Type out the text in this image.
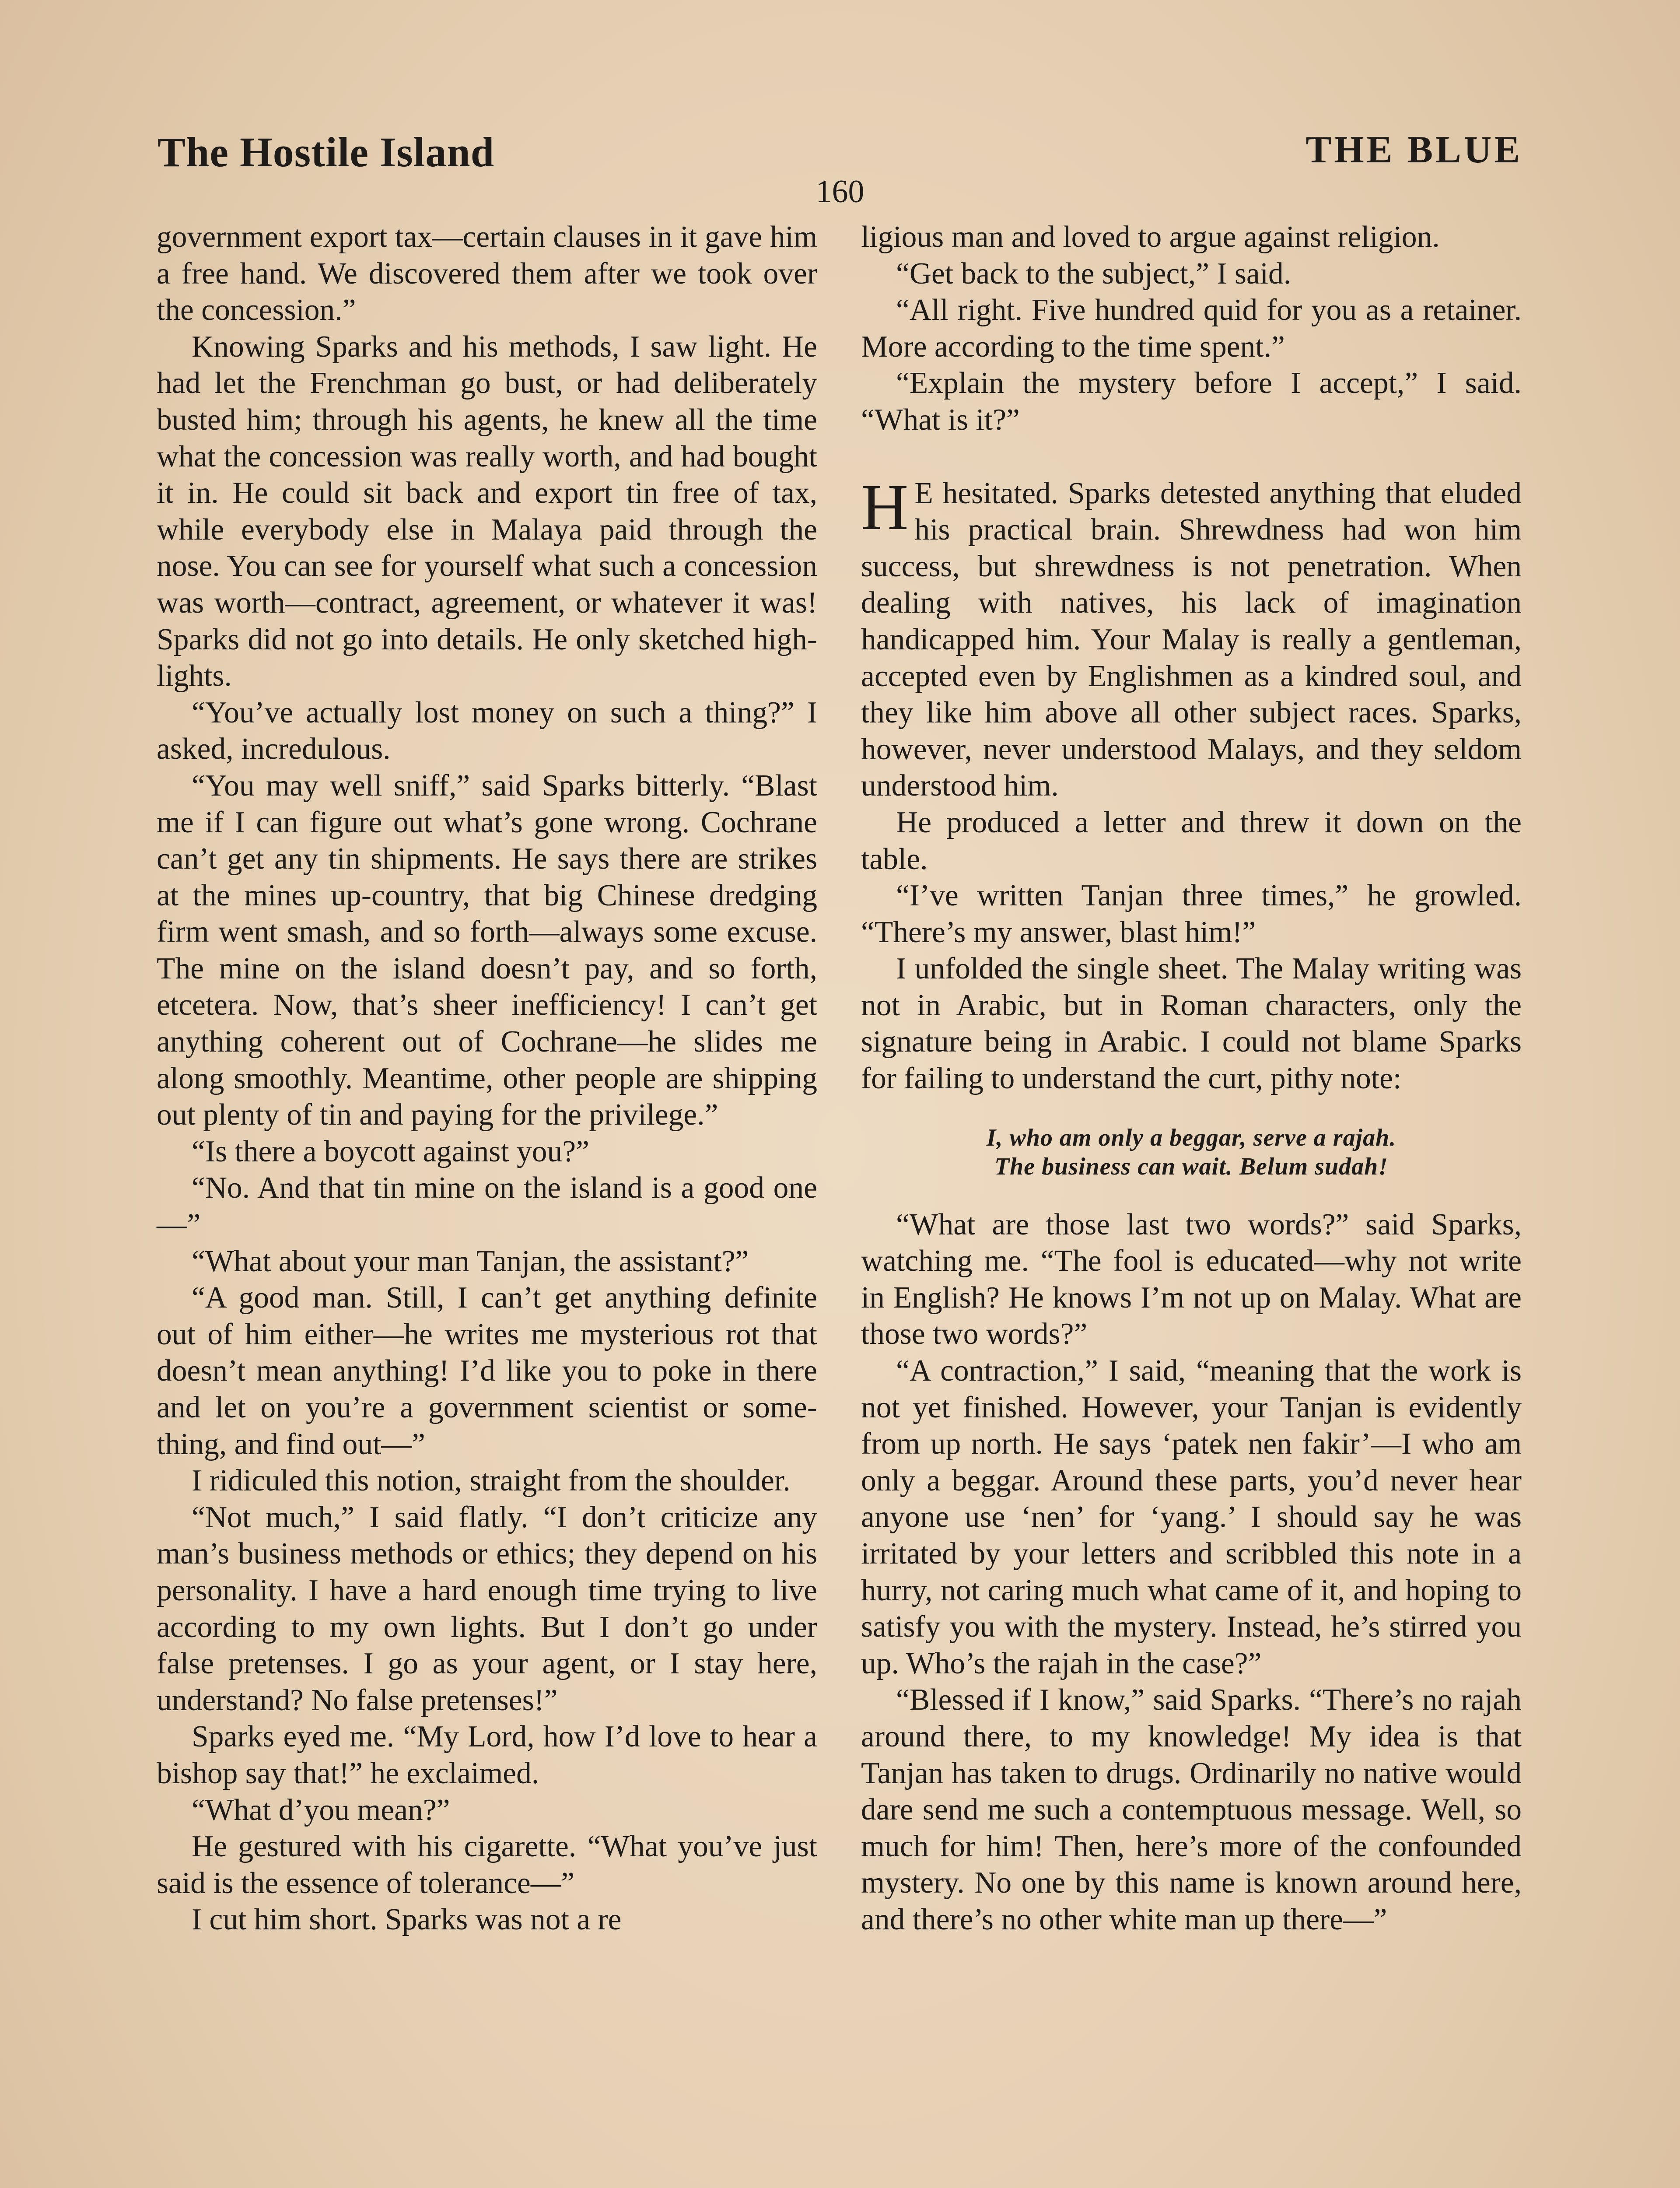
The Hostile Island	THE BLUE
160

government export tax—certain clauses in it gave him a free hand. We discovered them after we took over the concession.”

Knowing Sparks and his methods, I saw light. He had let the Frenchman go bust, or had deliberately busted him; through his agents, he knew all the time what the concession was really worth, and had bought it in. He could sit back and export tin free of tax, while everybody else in Malaya paid through the nose. You can see for yourself what such a concession was worth—contract, agreement, or whatever it was! Sparks did not go into details. He only sketched high-lights.

“You’ve actually lost money on such a thing?” I asked, incredulous.

“You may well sniff,” said Sparks bitterly. “Blast me if I can figure out what’s gone wrong. Cochrane can’t get any tin shipments. He says there are strikes at the mines up-country, that big Chinese dredging firm went smash, and so forth—always some excuse. The mine on the island doesn’t pay, and so forth, etcetera. Now, that’s sheer inefficiency! I can’t get anything coherent out of Cochrane—he slides me along smoothly. Meantime, other people are shipping out plenty of tin and paying for the privilege.”

“Is there a boycott against you?”

“No. And that tin mine on the island is a good one—”

“What about your man Tanjan, the assistant?”

“A good man. Still, I can’t get anything definite out of him either—he writes me mysterious rot that doesn’t mean anything! I’d like you to poke in there and let on you’re a government scientist or something, and find out—”

I ridiculed this notion, straight from the shoulder.

“Not much,” I said flatly. “I don’t criticize any man’s business methods or ethics; they depend on his personality. I have a hard enough time trying to live according to my own lights. But I don’t go under false pretenses. I go as your agent, or I stay here, understand? No false pretenses!”

Sparks eyed me. “My Lord, how I’d love to hear a bishop say that!” he exclaimed.

“What d’you mean?”

He gestured with his cigarette. “What you’ve just said is the essence of tolerance—”

I cut him short. Sparks was not a re

ligious man and loved to argue against religion.

“Get back to the subject,” I said.

“All right. Five hundred quid for you as a retainer. More according to the time spent.”

“Explain the mystery before I accept,” I said. “What is it?”

HE hesitated. Sparks detested anything that eluded his practical brain. Shrewdness had won him success, but shrewdness is not penetration. When dealing with natives, his lack of imagination handicapped him. Your Malay is really a gentleman, accepted even by Englishmen as a kindred soul, and they like him above all other subject races. Sparks, however, never understood Malays, and they seldom understood him.

He produced a letter and threw it down on the table.

“I’ve written Tanjan three times,” he growled. “There’s my answer, blast him!”

I unfolded the single sheet. The Malay writing was not in Arabic, but in Roman characters, only the signature being in Arabic. I could not blame Sparks for failing to understand the curt, pithy note:

I, who am only a beggar, serve a rajah.
The business can wait. Belum sudah!

“What are those last two words?” said Sparks, watching me. “The fool is educated—why not write in English? He knows I’m not up on Malay. What are those two words?”

“A contraction,” I said, “meaning that the work is not yet finished. However, your Tanjan is evidently from up north. He says ‘patek nen fakir’—I who am only a beggar. Around these parts, you’d never hear anyone use ‘nen’ for ‘yang.’ I should say he was irritated by your letters and scribbled this note in a hurry, not caring much what came of it, and hoping to satisfy you with the mystery. Instead, he’s stirred you up. Who’s the rajah in the case?”

“Blessed if I know,” said Sparks. “There’s no rajah around there, to my knowledge! My idea is that Tanjan has taken to drugs. Ordinarily no native would dare send me such a contemptuous message. Well, so much for him! Then, here’s more of the confounded mystery. No one by this name is known around here, and there’s no other white man up there—”
